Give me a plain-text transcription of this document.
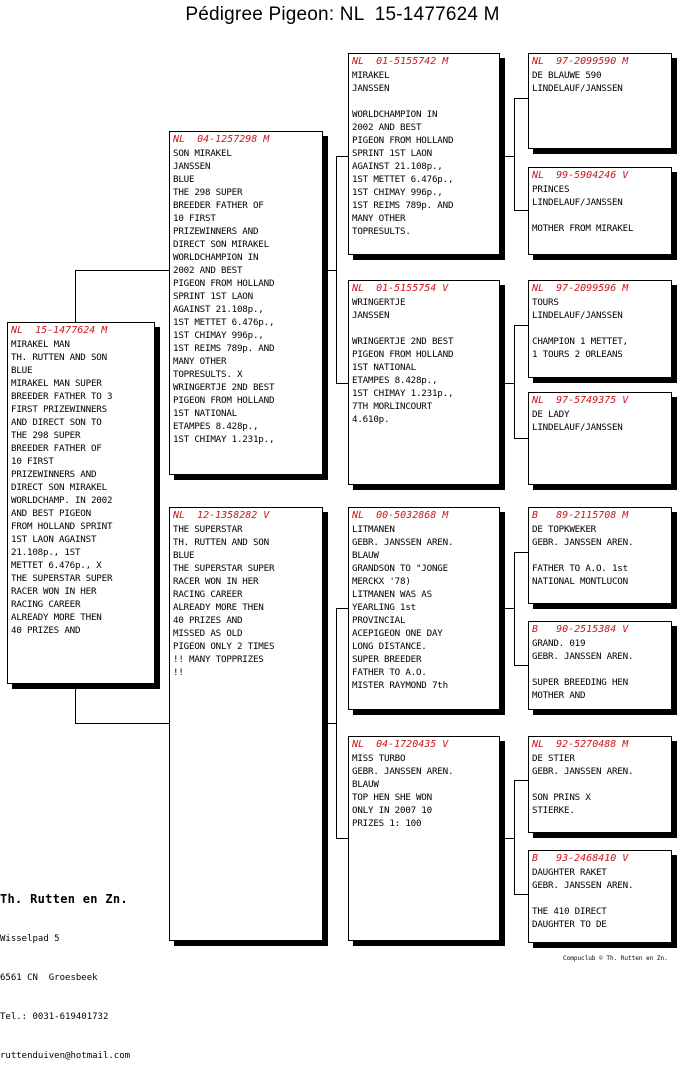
Pédigree Pigeon: NL  15-1477624 M
NL  15-1477624 M
MIRAKEL MAN
TH. RUTTEN AND SON
BLUE
MIRAKEL MAN SUPER
BREEDER FATHER TO 3
FIRST PRIZEWINNERS
AND DIRECT SON TO
THE 298 SUPER
BREEDER FATHER OF
10 FIRST
PRIZEWINNERS AND
DIRECT SON MIRAKEL
WORLDCHAMP. IN 2002
AND BEST PIGEON
FROM HOLLAND SPRINT
1ST LAON AGAINST
21.108p., 1ST
METTET 6.476p., X
THE SUPERSTAR SUPER
RACER WON IN HER
RACING CAREER
ALREADY MORE THEN
40 PRIZES AND
NL  04-1257298 M
SON MIRAKEL
JANSSEN
BLUE
THE 298 SUPER
BREEDER FATHER OF
10 FIRST
PRIZEWINNERS AND
DIRECT SON MIRAKEL
WORLDCHAMPION IN
2002 AND BEST
PIGEON FROM HOLLAND
SPRINT 1ST LAON
AGAINST 21.108p.,
1ST METTET 6.476p.,
1ST CHIMAY 996p.,
1ST REIMS 789p. AND
MANY OTHER
TOPRESULTS. X
WRINGERTJE 2ND BEST
PIGEON FROM HOLLAND
1ST NATIONAL
ETAMPES 8.428p.,
1ST CHIMAY 1.231p.,
NL  12-1358282 V
THE SUPERSTAR
TH. RUTTEN AND SON
BLUE
THE SUPERSTAR SUPER
RACER WON IN HER
RACING CAREER
ALREADY MORE THEN
40 PRIZES AND
MISSED AS OLD
PIGEON ONLY 2 TIMES
!! MANY TOPPRIZES
!!
NL  01-5155742 M
MIRAKEL
JANSSEN

WORLDCHAMPION IN
2002 AND BEST
PIGEON FROM HOLLAND
SPRINT 1ST LAON
AGAINST 21.108p.,
1ST METTET 6.476p.,
1ST CHIMAY 996p.,
1ST REIMS 789p. AND
MANY OTHER
TOPRESULTS.
NL  01-5155754 V
WRINGERTJE
JANSSEN

WRINGERTJE 2ND BEST
PIGEON FROM HOLLAND
1ST NATIONAL
ETAMPES 8.428p.,
1ST CHIMAY 1.231p.,
7TH MORLINCOURT
4.610p.
NL  00-5032868 M
LITMANEN
GEBR. JANSSEN AREN.
BLAUW
GRANDSON TO "JONGE
MERCKX '78)
LITMANEN WAS AS
YEARLING 1st
PROVINCIAL
ACEPIGEON ONE DAY
LONG DISTANCE.
SUPER BREEDER
FATHER TO A.O.
MISTER RAYMOND 7th
NL  04-1720435 V
MISS TURBO
GEBR. JANSSEN AREN.
BLAUW
TOP HEN SHE WON
ONLY IN 2007 10
PRIZES 1: 100
NL  97-2099590 M
DE BLAUWE 590
LINDELAUF/JANSSEN
NL  99-5904246 V
PRINCES
LINDELAUF/JANSSEN

MOTHER FROM MIRAKEL
NL  97-2099596 M
TOURS
LINDELAUF/JANSSEN

CHAMPION 1 METTET,
1 TOURS 2 ORLEANS
NL  97-5749375 V
DE LADY
LINDELAUF/JANSSEN
B   89-2115708 M
DE TOPKWEKER
GEBR. JANSSEN AREN.

FATHER TO A.O. 1st
NATIONAL MONTLUCON
B   90-2515384 V
GRAND. 019
GEBR. JANSSEN AREN.

SUPER BREEDING HEN
MOTHER AND
NL  92-5270488 M
DE STIER
GEBR. JANSSEN AREN.

SON PRINS X
STIERKE.
B   93-2468410 V
DAUGHTER RAKET
GEBR. JANSSEN AREN.

THE 410 DIRECT
DAUGHTER TO DE

Th. Rutten en Zn.

Wisselpad 5

6561 CN  Groesbeek

Tel.: 0031-619401732

ruttenduiven@hotmail.com

Compuclub © Th. Rutten en Zn.
